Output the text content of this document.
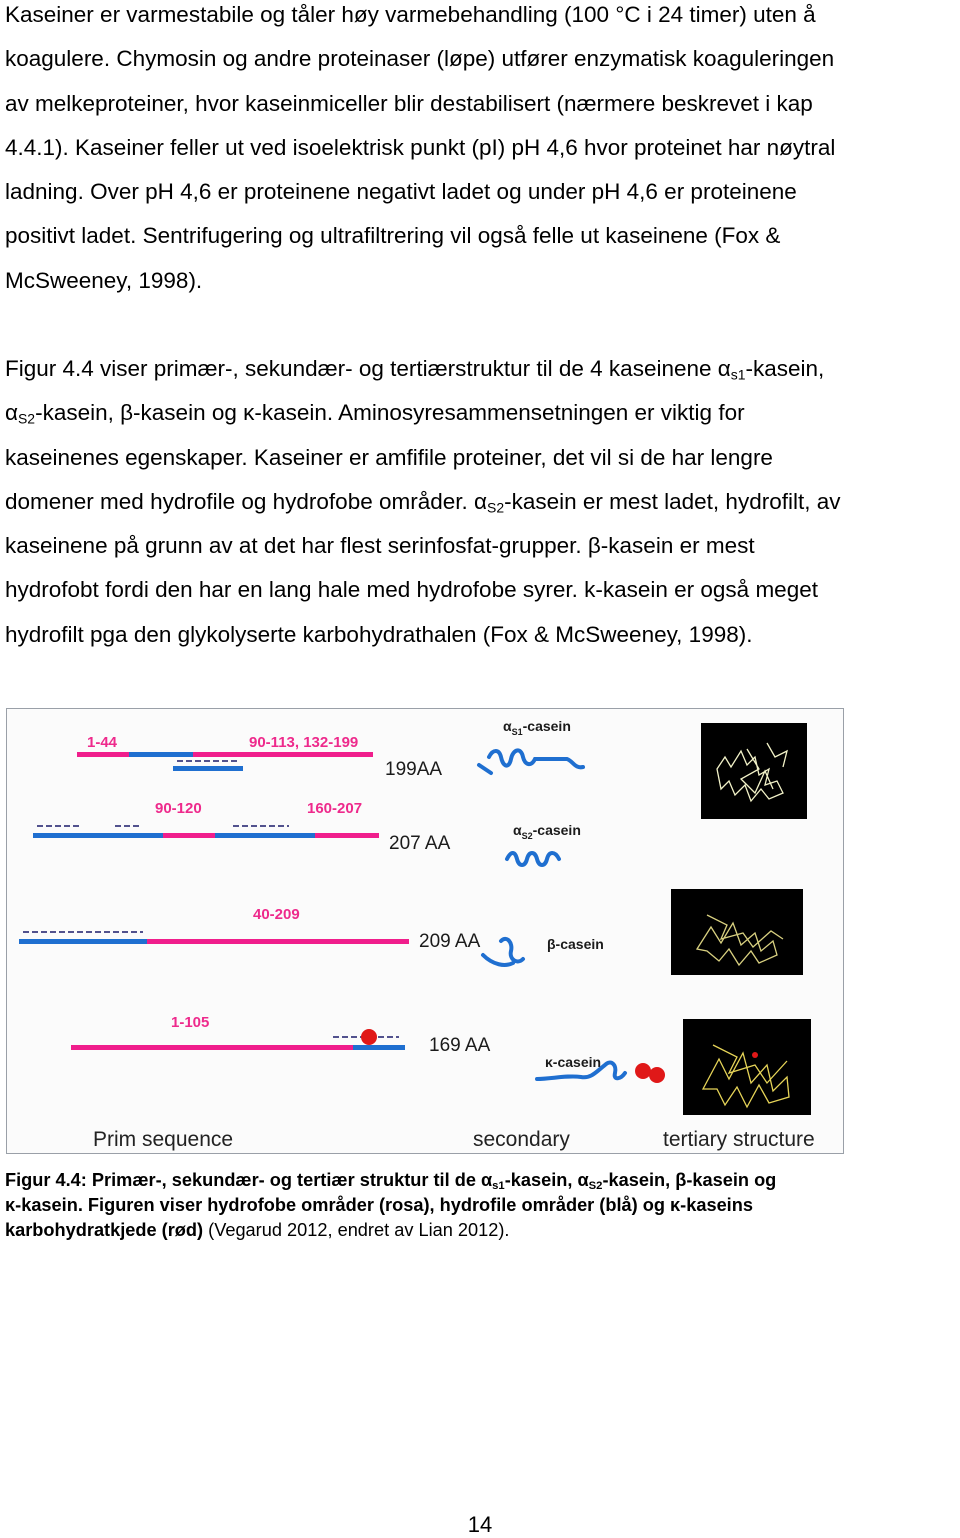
Kaseiner er varmestabile og tåler høy varmebehandling (100 °C i 24 timer) uten å

koagulere. Chymosin og andre proteinaser (løpe) utfører enzymatisk koaguleringen

av melkeproteiner, hvor kaseinmiceller blir destabilisert (nærmere beskrevet i kap

4.4.1). Kaseiner feller ut ved isoelektrisk punkt (pI) pH 4,6 hvor proteinet har nøytral

ladning. Over pH 4,6 er proteinene negativt ladet og under pH 4,6 er proteinene

positivt ladet. Sentrifugering og ultrafiltrering vil også felle ut kaseinene (Fox &

McSweeney, 1998).

Figur 4.4 viser primær-, sekundær- og tertiærstruktur til de 4 kaseinene $\alpha_{s1}$-kasein,

$\alpha_{S2}$-kasein, β-kasein og κ-kasein. Aminosyresammensetningen er viktig for

kaseinenes egenskaper. Kaseiner er amfifile proteiner, det vil si de har lengre

domener med hydrofile og hydrofobe områder. $\alpha_{S2}$-kasein er mest ladet, hydrofilt, av

kaseinene på grunn av at det har flest serinfosfat-grupper. β-kasein er mest

hydrofobt fordi den har en lang hale med hydrofobe syrer. k-kasein er også meget

hydrofilt pga den glykolyserte karbohydrathalen (Fox & McSweeney, 1998).

1-44	90-113, 132-199
199AA
$\alpha_{S1}$-casein
90-120	160-207
207 AA
$\alpha_{S2}$-casein
40-209
209 AA	β-casein
1-105
169 AA
κ-casein
Prim sequence	secondary	tertiary structure
Figur 4.4: Primær-, sekundær- og tertiær struktur til de $\alpha_{s1}$-kasein, $\alpha_{S2}$-kasein, β-kasein og
κ-kasein. Figuren viser hydrofobe områder (rosa), hydrofile områder (blå) og κ-kaseins
karbohydratkjede (rød) (Vegarud 2012, endret av Lian 2012).
14
